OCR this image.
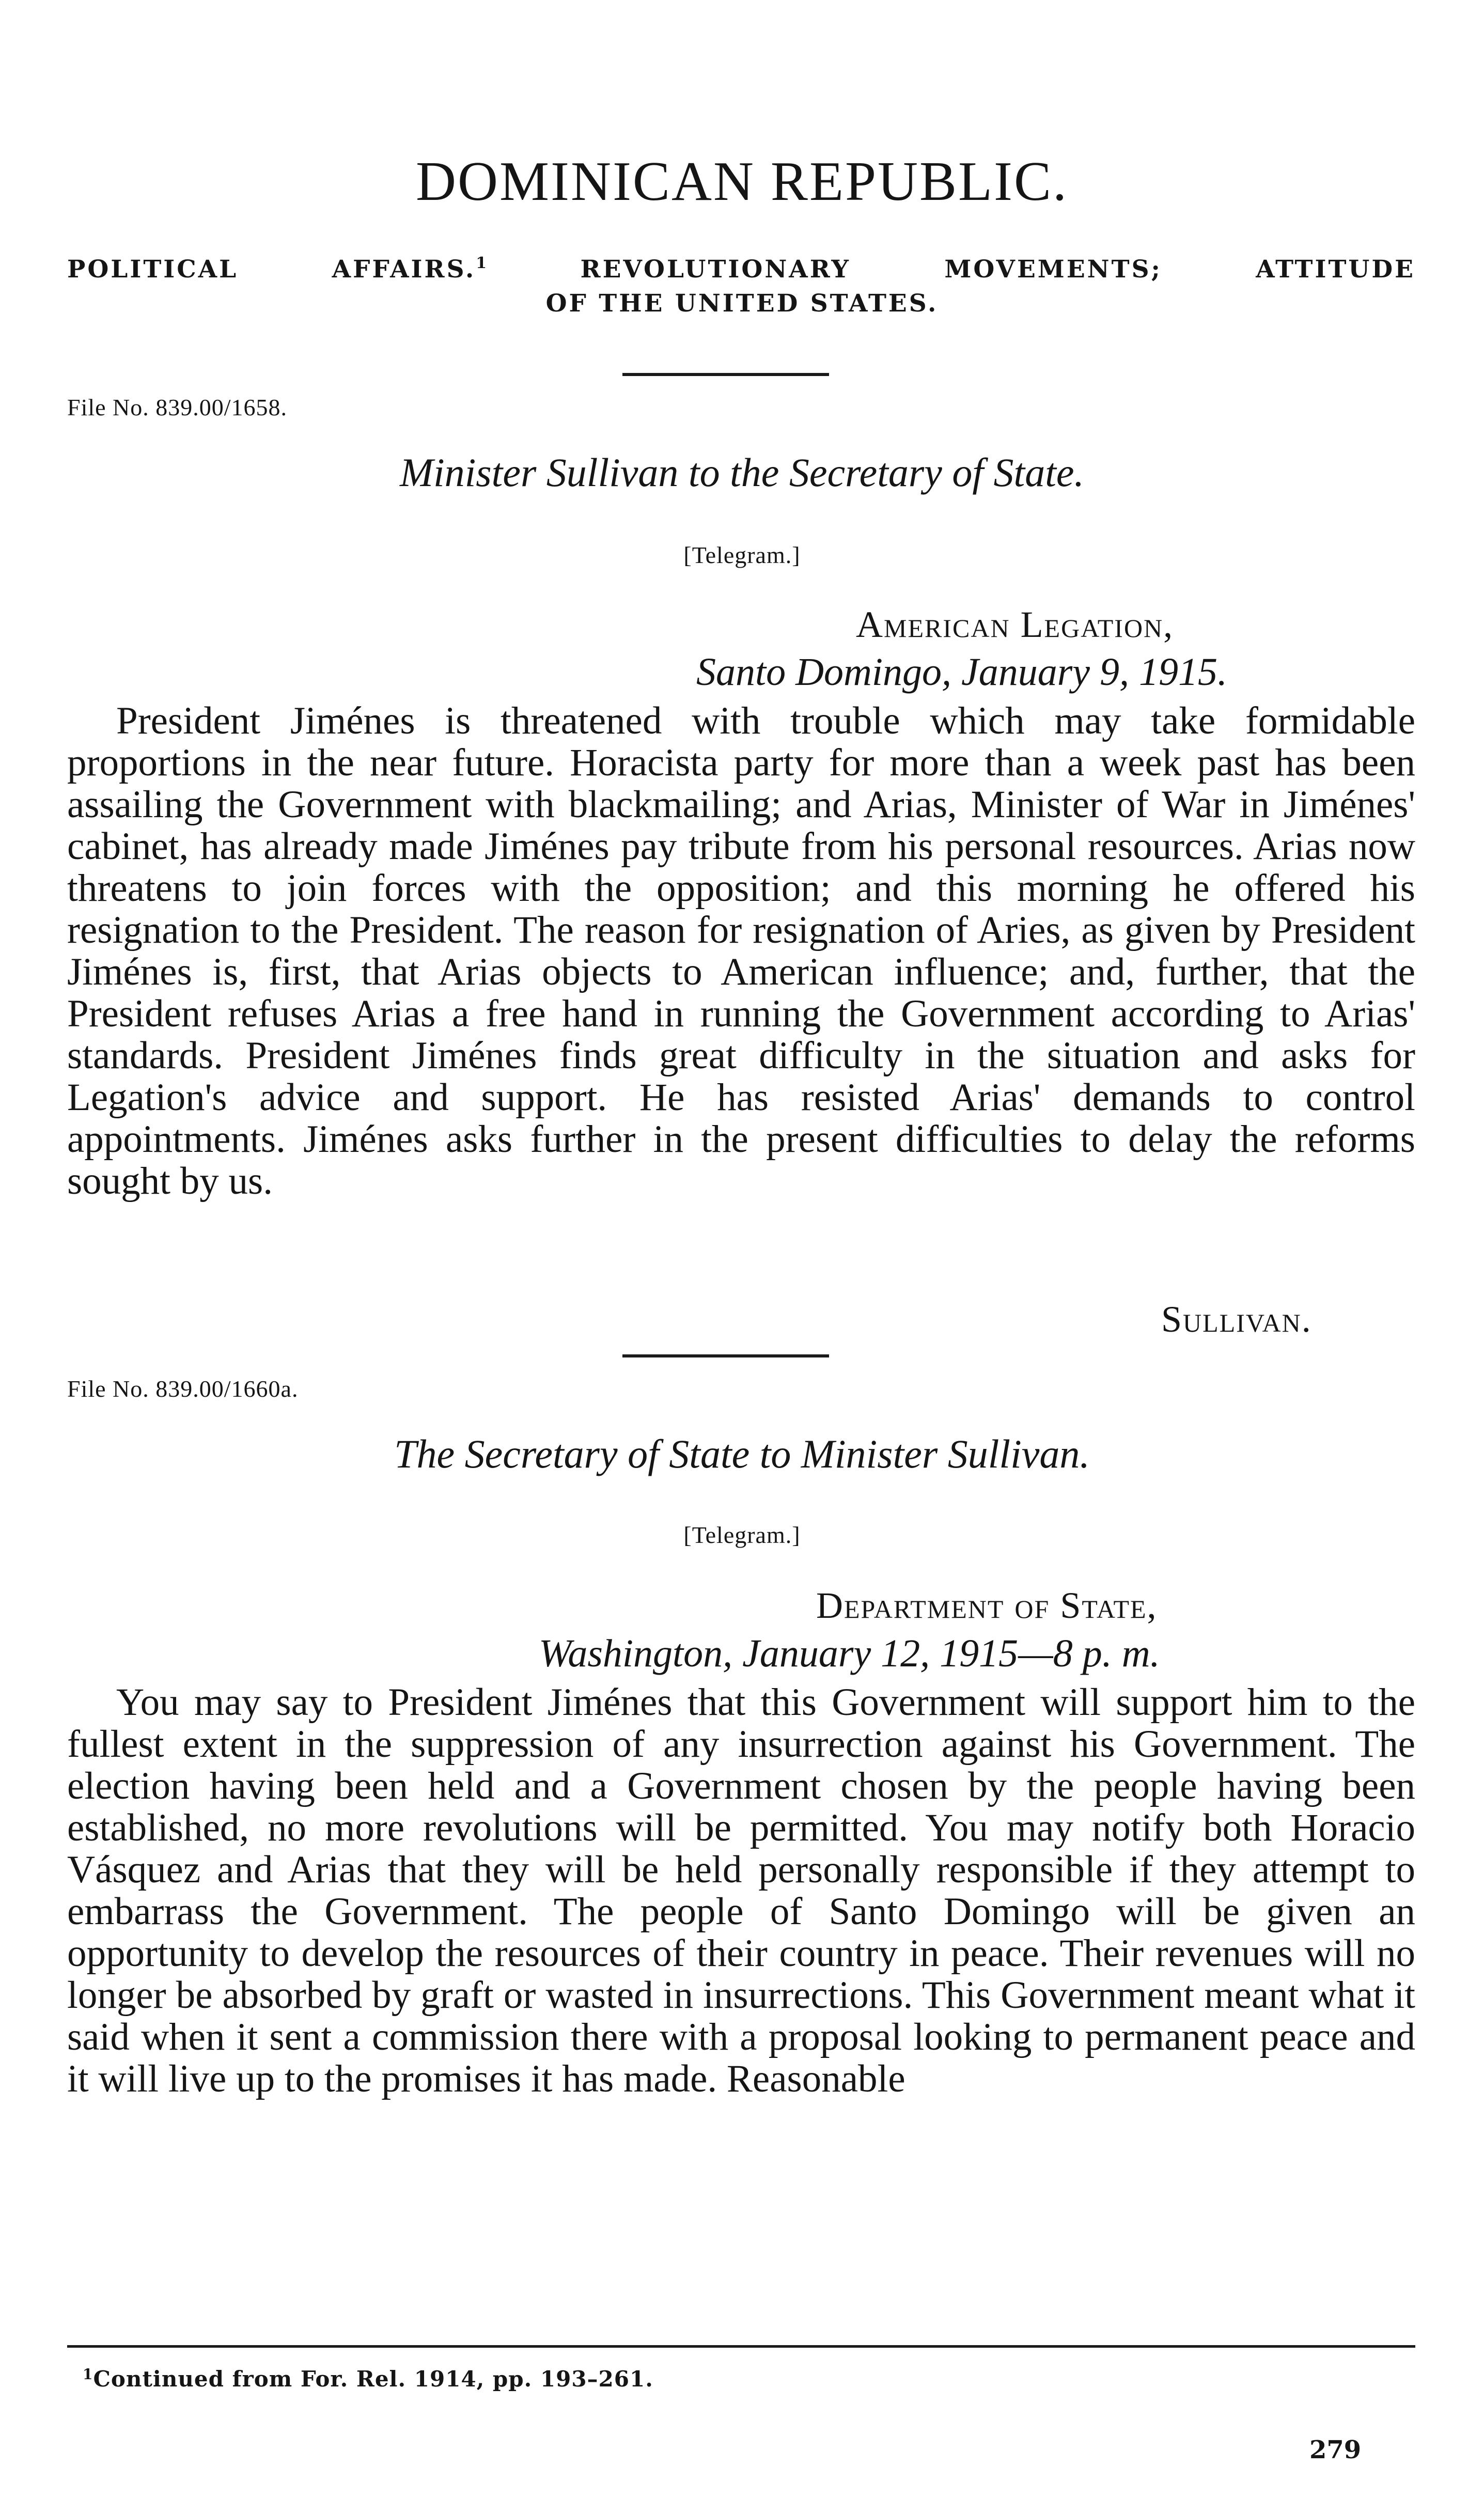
DOMINICAN REPUBLIC.
POLITICAL AFFAIRS.$^1$	REVOLUTIONARY MOVEMENTS; ATTITUDE
OF THE UNITED STATES.
File No. 839.00/1658.
Minister Sullivan to the Secretary of State.
[Telegram.]
American Legation,
Santo Domingo, January 9, 1915.

President Jiménes is threatened with trouble which may take formidable proportions in the near future. Horacista party for more than a week past has been assailing the Government with blackmailing; and Arias, Minister of War in Jiménes' cabinet, has already made Jiménes pay tribute from his personal resources. Arias now threatens to join forces with the opposition; and this morning he offered his resignation to the President. The reason for resignation of Aries, as given by President Jiménes is, first, that Arias objects to American influence; and, further, that the President refuses Arias a free hand in running the Government according to Arias' standards. President Jiménes finds great difficulty in the situation and asks for Legation's advice and support. He has resisted Arias' demands to control appointments. Jiménes asks further in the present difficulties to delay the reforms sought by us.

Sullivan.
File No. 839.00/1660a.
The Secretary of State to Minister Sullivan.
[Telegram.]
Department of State,
Washington, January 12, 1915—8 p. m.

You may say to President Jiménes that this Government will support him to the fullest extent in the suppression of any insurrection against his Government. The election having been held and a Government chosen by the people having been established, no more revolutions will be permitted. You may notify both Horacio Vásquez and Arias that they will be held personally responsible if they attempt to embarrass the Government. The people of Santo Domingo will be given an opportunity to develop the resources of their country in peace. Their revenues will no longer be absorbed by graft or wasted in insurrections. This Government meant what it said when it sent a commission there with a proposal looking to permanent peace and it will live up to the promises it has made. Reasonable

$^1$Continued from For. Rel. 1914, pp. 193–261.
279
